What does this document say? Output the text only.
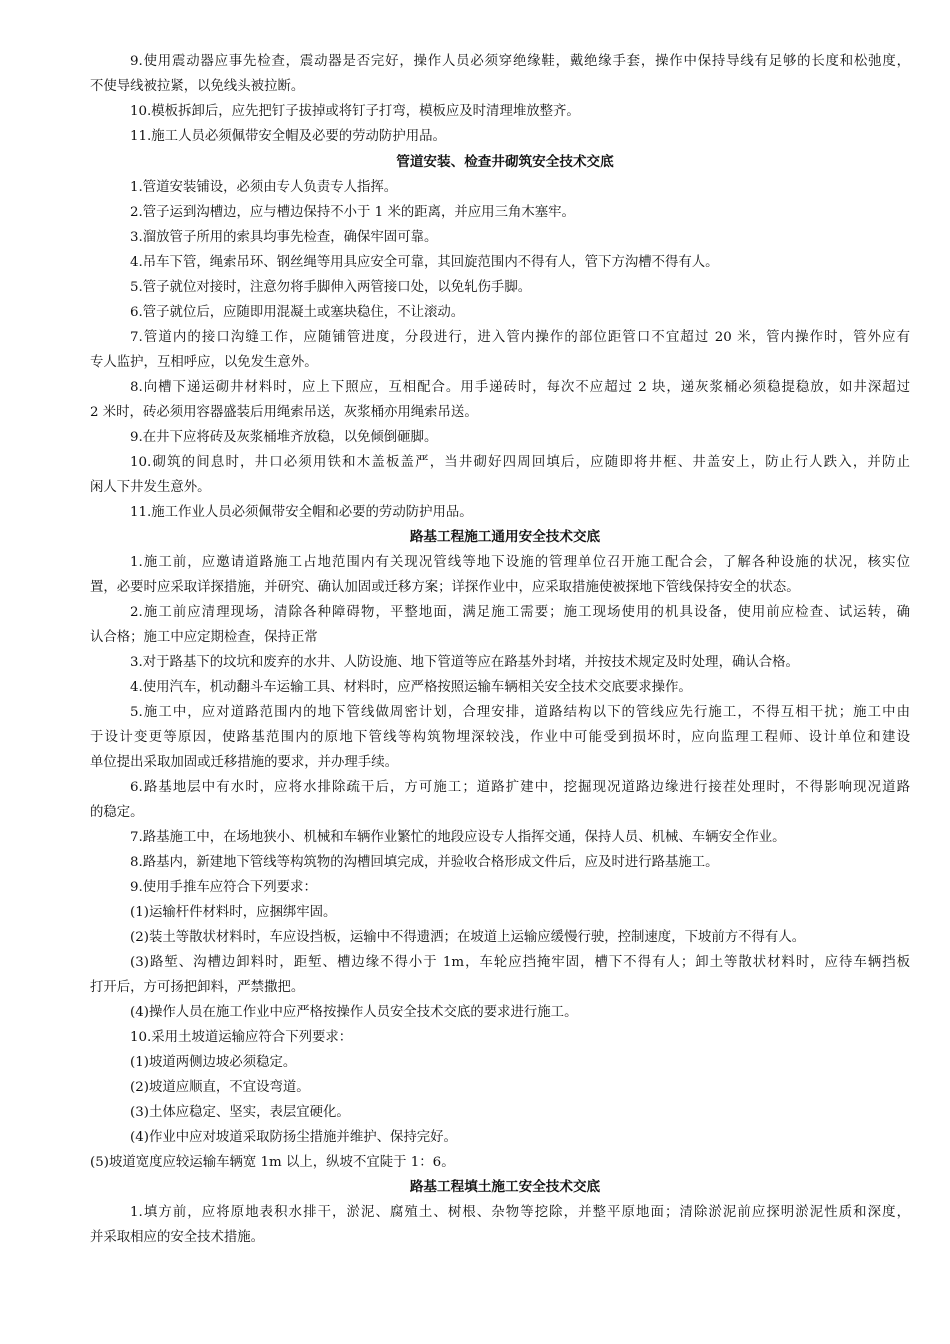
9.使用震动器应事先检查，震动器是否完好，操作人员必须穿绝缘鞋，戴绝缘手套，操作中保持导线有足够的长度和松弛度，
不使导线被拉紧，以免线头被拉断。
10.模板拆卸后，应先把钉子拔掉或将钉子打弯，模板应及时清理堆放整齐。
11.施工人员必须佩带安全帽及必要的劳动防护用品。
管道安装、检查井砌筑安全技术交底
1.管道安装铺设，必须由专人负责专人指挥。
2.管子运到沟槽边，应与槽边保持不小于 1 米的距离，并应用三角木塞牢。
3.溜放管子所用的索具均事先检查，确保牢固可靠。
4.吊车下管，绳索吊环、钢丝绳等用具应安全可靠，其回旋范围内不得有人，管下方沟槽不得有人。
5.管子就位对接时，注意勿将手脚伸入两管接口处，以免轧伤手脚。
6.管子就位后，应随即用混凝土或塞块稳住，不让滚动。
7.管道内的接口沟缝工作，应随铺管进度，分段进行，进入管内操作的部位距管口不宜超过 20 米，管内操作时，管外应有
专人监护，互相呼应，以免发生意外。
8.向槽下递运砌井材料时，应上下照应，互相配合。用手递砖时，每次不应超过 2 块，递灰浆桶必须稳提稳放，如井深超过
2 米时，砖必须用容器盛装后用绳索吊送，灰浆桶亦用绳索吊送。
9.在井下应将砖及灰浆桶堆齐放稳，以免倾倒砸脚。
10.砌筑的间息时，井口必须用铁和木盖板盖严，当井砌好四周回填后，应随即将井框、井盖安上，防止行人跌入，并防止
闲人下井发生意外。
11.施工作业人员必须佩带安全帽和必要的劳动防护用品。
路基工程施工通用安全技术交底
1.施工前，应邀请道路施工占地范围内有关现况管线等地下设施的管理单位召开施工配合会，了解各种设施的状况，核实位
置，必要时应采取详探措施，并研究、确认加固或迁移方案；详探作业中，应采取措施使被探地下管线保持安全的状态。
2.施工前应清理现场，清除各种障碍物，平整地面，满足施工需要；施工现场使用的机具设备，使用前应检查、试运转，确
认合格；施工中应定期检查，保持正常
3.对于路基下的坟坑和废弃的水井、人防设施、地下管道等应在路基外封堵，并按技术规定及时处理，确认合格。
4.使用汽车，机动翻斗车运输工具、材料时，应严格按照运输车辆相关安全技术交底要求操作。
5.施工中，应对道路范围内的地下管线做周密计划，合理安排，道路结构以下的管线应先行施工，不得互相干扰；施工中由
于设计变更等原因，使路基范围内的原地下管线等构筑物埋深较浅，作业中可能受到损坏时，应向监理工程师、设计单位和建设
单位提出采取加固或迁移措施的要求，并办理手续。
6.路基地层中有水时，应将水排除疏干后，方可施工；道路扩建中，挖掘现况道路边缘进行接茬处理时，不得影响现况道路
的稳定。
7.路基施工中，在场地狭小、机械和车辆作业繁忙的地段应设专人指挥交通，保持人员、机械、车辆安全作业。
8.路基内，新建地下管线等构筑物的沟槽回填完成，并验收合格形成文件后，应及时进行路基施工。
9.使用手推车应符合下列要求：
(1)运输杆件材料时，应捆绑牢固。
(2)装土等散状材料时，车应设挡板，运输中不得遗洒；在坡道上运输应缓慢行驶，控制速度，下坡前方不得有人。
(3)路堑、沟槽边卸料时，距堑、槽边缘不得小于 1m，车轮应挡掩牢固，槽下不得有人；卸土等散状材料时，应待车辆挡板
打开后，方可扬把卸料，严禁撒把。
(4)操作人员在施工作业中应严格按操作人员安全技术交底的要求进行施工。
10.采用土坡道运输应符合下列要求：
(1)坡道两侧边坡必须稳定。
(2)坡道应顺直，不宜设弯道。
(3)土体应稳定、坚实，表层宜硬化。
(4)作业中应对坡道采取防扬尘措施并维护、保持完好。
(5)坡道宽度应较运输车辆宽 1m 以上，纵坡不宜陡于 1：6。
路基工程填土施工安全技术交底
1.填方前，应将原地表积水排干，淤泥、腐殖土、树根、杂物等挖除，并整平原地面；清除淤泥前应探明淤泥性质和深度，
并采取相应的安全技术措施。
